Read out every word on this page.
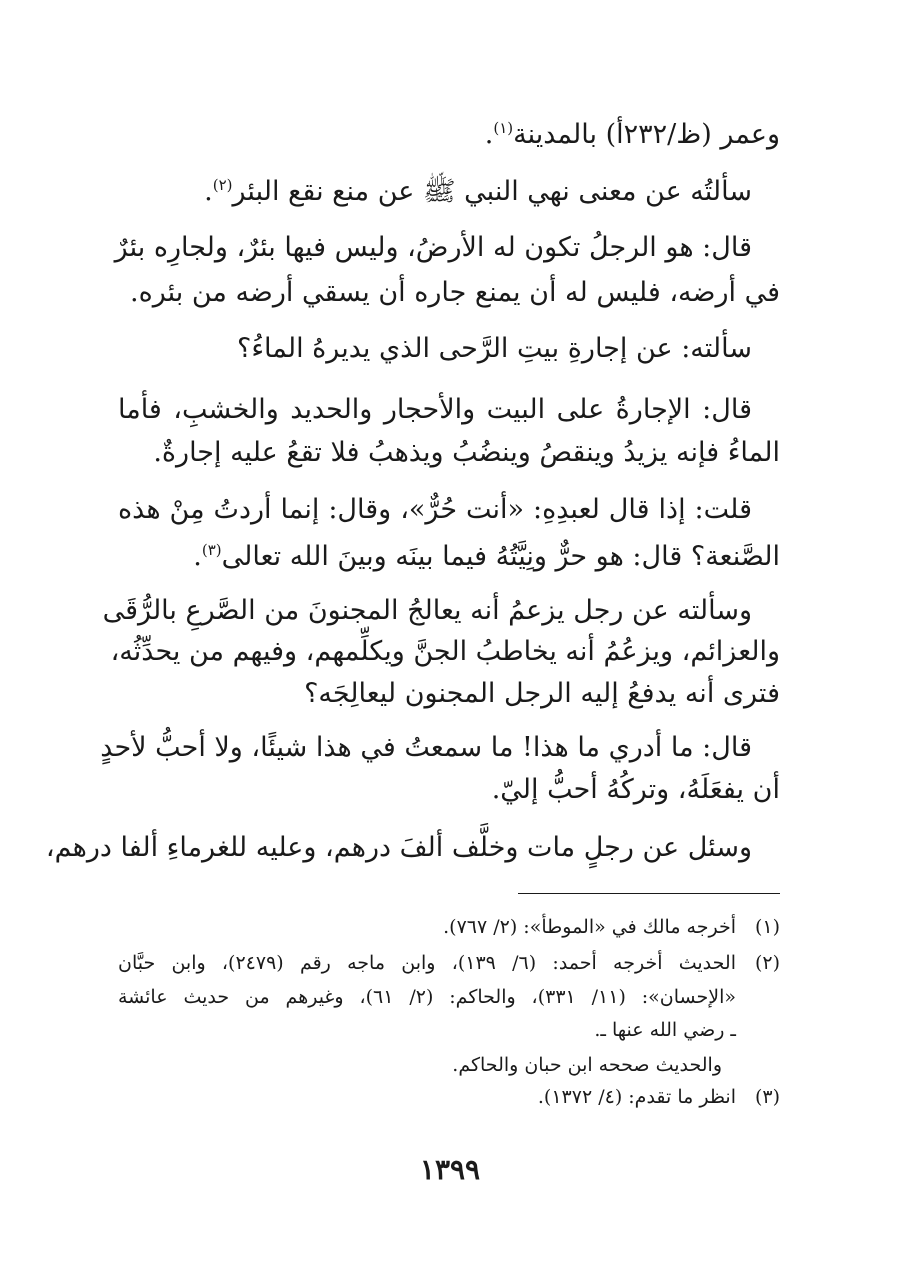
وعمر (ظ/٢٣٢أ) بالمدينة$^{(١)}$.
سألتُه عن معنى نهي النبي ﷺ عن منع نقع البئر$^{(٢)}$.
قال: هو الرجلُ تكون له الأرضُ، وليس فيها بئرٌ، ولجارِه بئرٌ
في أرضه، فليس له أن يمنع جاره أن يسقي أرضه من بئره.
سألته: عن إجارةِ بيتِ الرَّحى الذي يديرهُ الماءُ؟
قال: الإجارةُ على البيت والأحجار والحديد والخشبِ، فأما
الماءُ فإنه يزيدُ وينقصُ وينضُبُ ويذهبُ فلا تقعُ عليه إجارةٌ.
قلت: إذا قال لعبدِهِ: «أنت حُرٌّ»، وقال: إنما أردتُ مِنْ هذه
الصَّنعة؟ قال: هو حرٌّ ونِيَّتُهُ فيما بينَه وبينَ الله تعالى$^{(٣)}$.
وسألته عن رجل يزعمُ أنه يعالجُ المجنونَ من الصَّرعِ بالرُّقَى
والعزائم، ويزعُمُ أنه يخاطبُ الجنَّ ويكلِّمهم، وفيهم من يحدِّثُه،
فترى أنه يدفعُ إليه الرجل المجنون ليعالِجَه؟
قال: ما أدري ما هذا! ما سمعتُ في هذا شيئًا، ولا أحبُّ لأحدٍ
أن يفعَلَهُ، وتركُهُ أحبُّ إليّ.
وسئل عن رجلٍ مات وخلَّف ألفَ درهم، وعليه للغرماءِ ألفا درهم،
(١)أخرجه مالك في «الموطأ»: (٢/ ٧٦٧).
(٢)الحديث أخرجه أحمد: (٦/ ١٣٩)، وابن ماجه رقم (٢٤٧٩)، وابن حبَّان
«الإحسان»: (١١/ ٣٣١)، والحاكم: (٢/ ٦١)، وغيرهم من حديث عائشة
ـ رضي الله عنها ـ.
والحديث صححه ابن حبان والحاكم.
(٣)انظر ما تقدم: (٤/ ١٣٧٢).
١٣٩٩
